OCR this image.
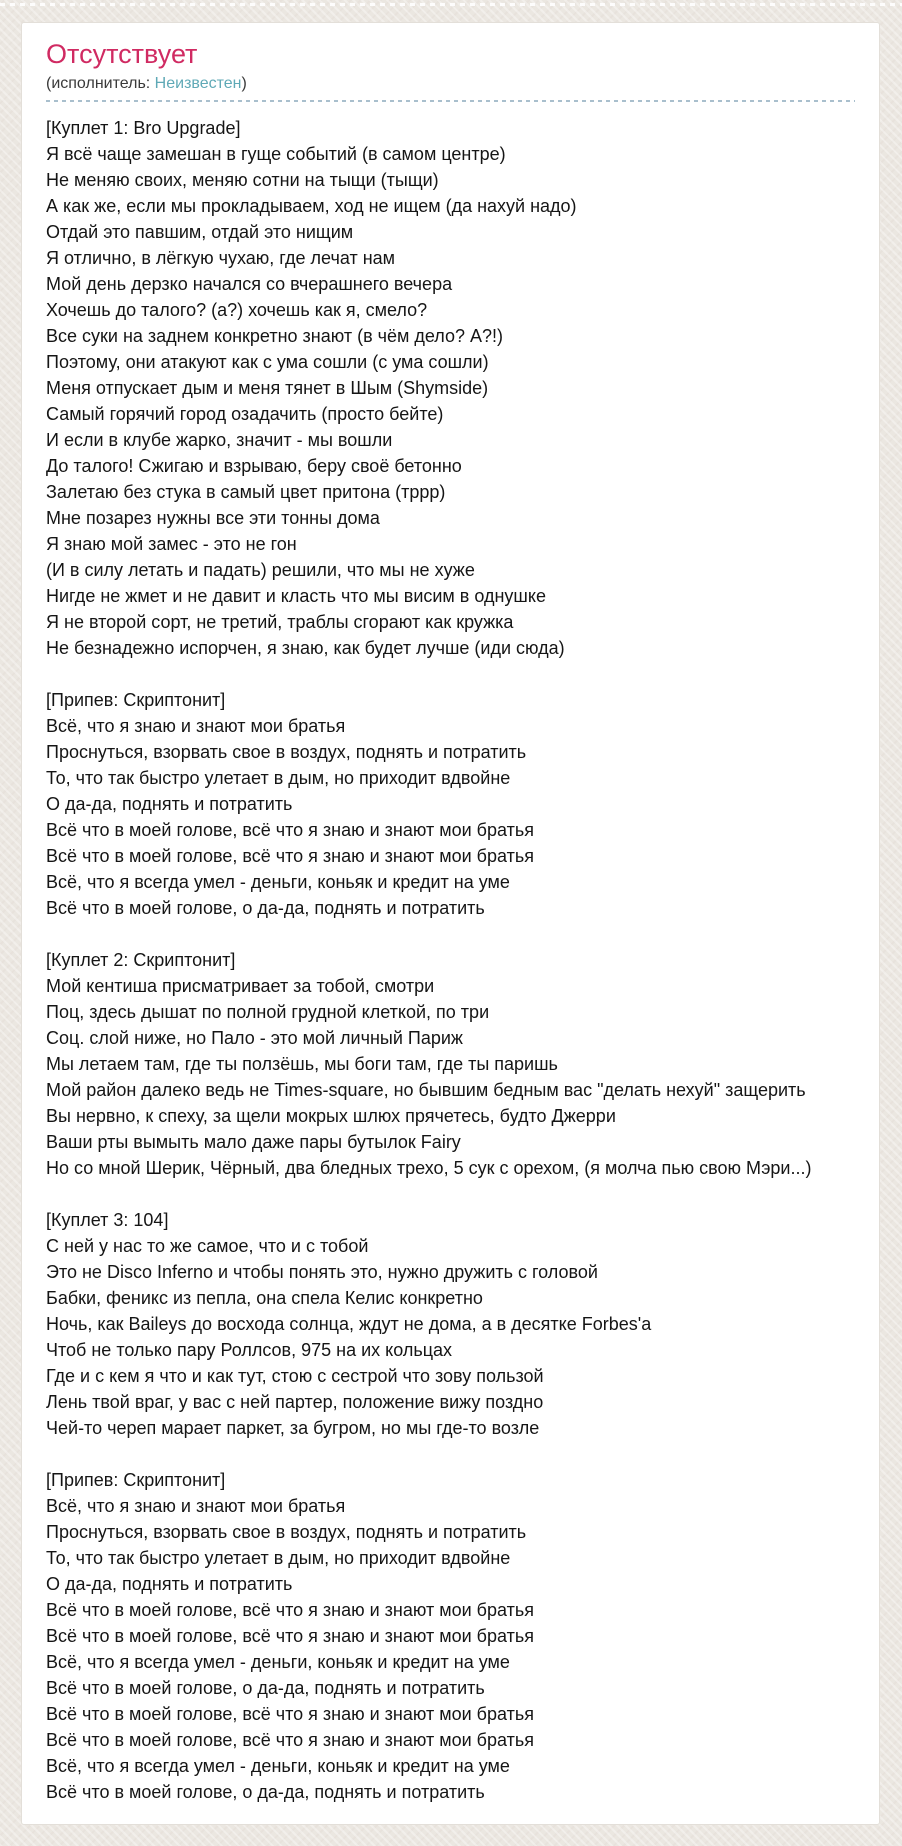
Отсутствует
(исполнитель: Неизвестен)
[Куплет 1: Bro Upgrade]
Я всё чаще замешан в гуще событий (в самом центре)
Не меняю своих, меняю сотни на тыщи (тыщи)
А как же, если мы прокладываем, ход не ищем (да нахуй надо)
Отдай это павшим, отдай это нищим
Я отлично, в лёгкую чухаю, где лечат нам
Мой день дерзко начался со вчерашнего вечера
Хочешь до талого? (а?) хочешь как я, смело?
Все суки на заднем конкретно знают (в чём дело? А?!)
Поэтому, они атакуют как с ума сошли (с ума сошли)
Меня отпускает дым и меня тянет в Шым (Shymside)
Самый горячий город озадачить (просто бейте)
И если в клубе жарко, значит - мы вошли
До талого! Сжигаю и взрываю, беру своё бетонно
Залетаю без стука в самый цвет притона (тррр)
Мне позарез нужны все эти тонны дома
Я знаю мой замес - это не гон
(И в силу летать и падать) решили, что мы не хуже
Нигде не жмет и не давит и класть что мы висим в однушке
Я не второй сорт, не третий, траблы сгорают как кружка
Не безнадежно испорчен, я знаю, как будет лучше (иди сюда)
[Припев: Скриптонит]
Всё, что я знаю и знают мои братья
Проснуться, взорвать свое в воздух, поднять и потратить
То, что так быстро улетает в дым, но приходит вдвойне
О да-да, поднять и потратить
Всё что в моей голове, всё что я знаю и знают мои братья
Всё что в моей голове, всё что я знаю и знают мои братья
Всё, что я всегда умел - деньги, коньяк и кредит на уме
Всё что в моей голове, о да-да, поднять и потратить
[Куплет 2: Скриптонит]
Мой кентиша присматривает за тобой, смотри
Поц, здесь дышат по полной грудной клеткой, по три
Соц. слой ниже, но Пало - это мой личный Париж
Мы летаем там, где ты ползёшь, мы боги там, где ты паришь
Мой район далеко ведь не Times-square, но бывшим бедным вас "делать нехуй" защерить
Вы нервно, к спеху, за щели мокрых шлюх прячетесь, будто Джерри
Ваши рты вымыть мало даже пары бутылок Fairy
Но со мной Шерик, Чёрный, два бледных трехо, 5 сук с орехом, (я молча пью свою Мэри...)
[Куплет 3: 104]
С ней у нас то же самое, что и с тобой
Это не Disco Inferno и чтобы понять это, нужно дружить с головой
Бабки, феникс из пепла, она спела Келис конкретно
Ночь, как Baileys до восхода солнца, ждут не дома, а в десятке Forbes'а
Чтоб не только пару Роллсов, 975 на их кольцах
Где и с кем я что и как тут, стою с сестрой что зову пользой
Лень твой враг, у вас с ней партер, положение вижу поздно
Чей-то череп марает паркет, за бугром, но мы где-то возле
[Припев: Скриптонит]
Всё, что я знаю и знают мои братья
Проснуться, взорвать свое в воздух, поднять и потратить
То, что так быстро улетает в дым, но приходит вдвойне
О да-да, поднять и потратить
Всё что в моей голове, всё что я знаю и знают мои братья
Всё что в моей голове, всё что я знаю и знают мои братья
Всё, что я всегда умел - деньги, коньяк и кредит на уме
Всё что в моей голове, о да-да, поднять и потратить
Всё что в моей голове, всё что я знаю и знают мои братья
Всё что в моей голове, всё что я знаю и знают мои братья
Всё, что я всегда умел - деньги, коньяк и кредит на уме
Всё что в моей голове, о да-да, поднять и потратить
